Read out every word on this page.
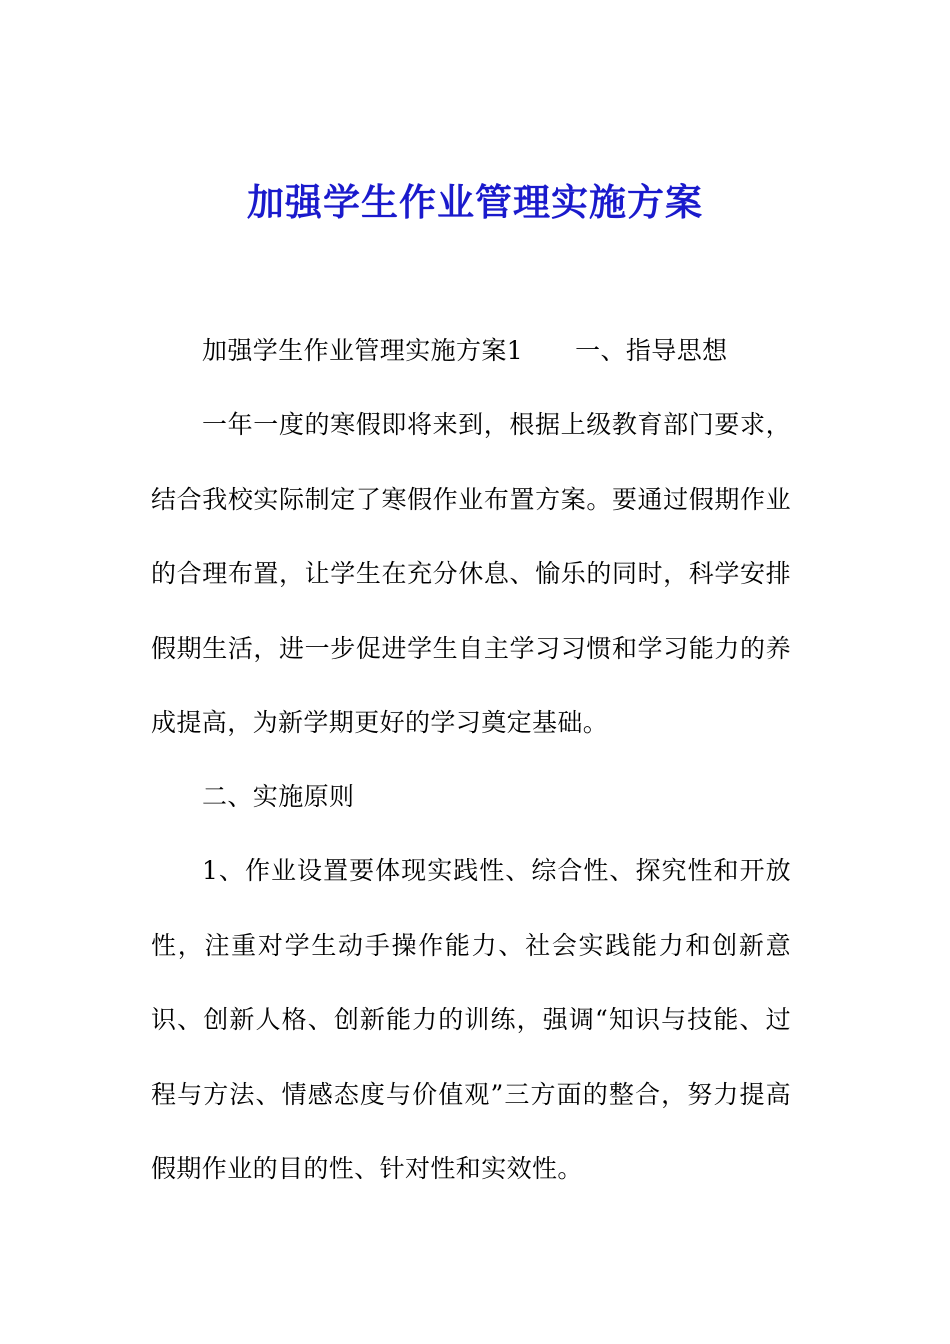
加强学生作业管理实施方案
加强学生作业管理实施方案1 一、指导思想
一年一度的寒假即将来到，根据上级教育部门要求，结合我校实际制定了寒假作业布置方案。要通过假期作业的合理布置，让学生在充分休息、愉乐的同时，科学安排假期生活，进一步促进学生自主学习习惯和学习能力的养成提高，为新学期更好的学习奠定基础。
二、实施原则
1、作业设置要体现实践性、综合性、探究性和开放性，注重对学生动手操作能力、社会实践能力和创新意识、创新人格、创新能力的训练，强调“知识与技能、过程与方法、情感态度与价值观”三方面的整合，努力提高假期作业的目的性、针对性和实效性。
